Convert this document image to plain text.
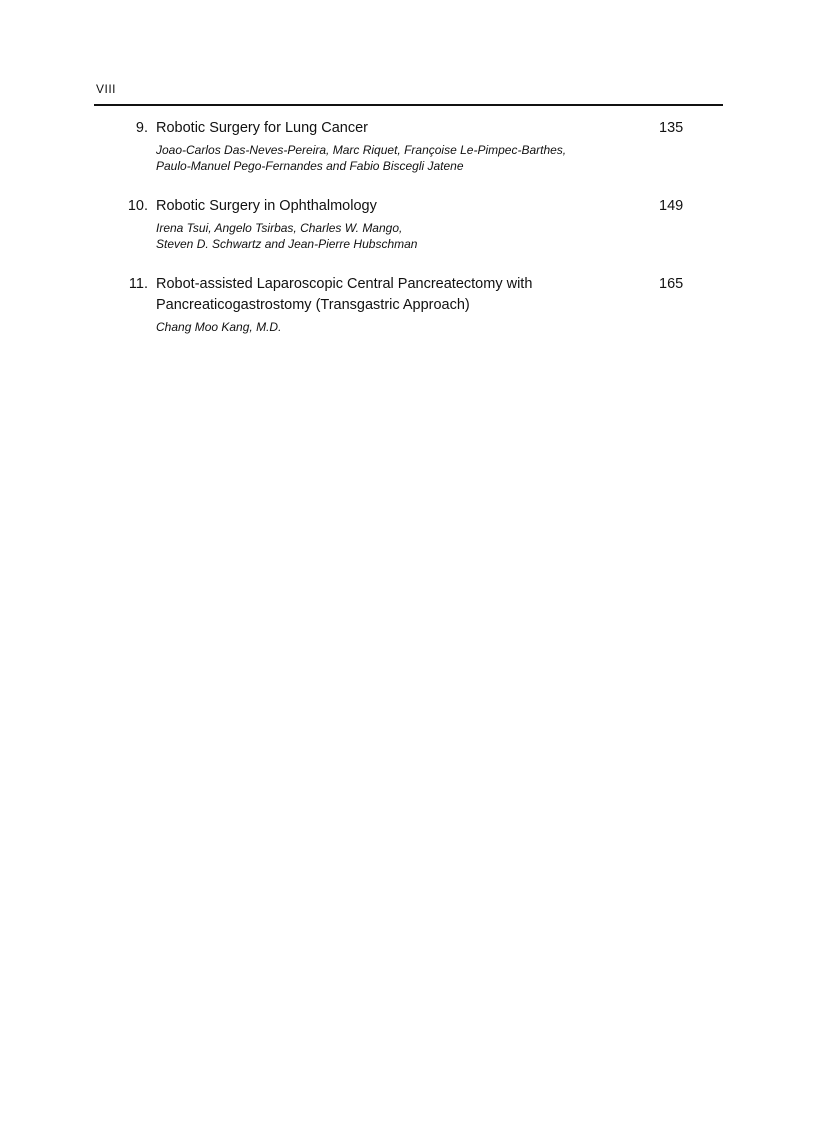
VIII
9. Robotic Surgery for Lung Cancer
Joao-Carlos Das-Neves-Pereira, Marc Riquet, Françoise Le-Pimpec-Barthes,
Paulo-Manuel Pego-Fernandes and Fabio Biscegli Jatene
135
10. Robotic Surgery in Ophthalmology
Irena Tsui, Angelo Tsirbas, Charles W. Mango,
Steven D. Schwartz and Jean-Pierre Hubschman
149
11. Robot-assisted Laparoscopic Central Pancreatectomy with
Pancreaticogastrostomy (Transgastric Approach)
Chang Moo Kang, M.D.
165
